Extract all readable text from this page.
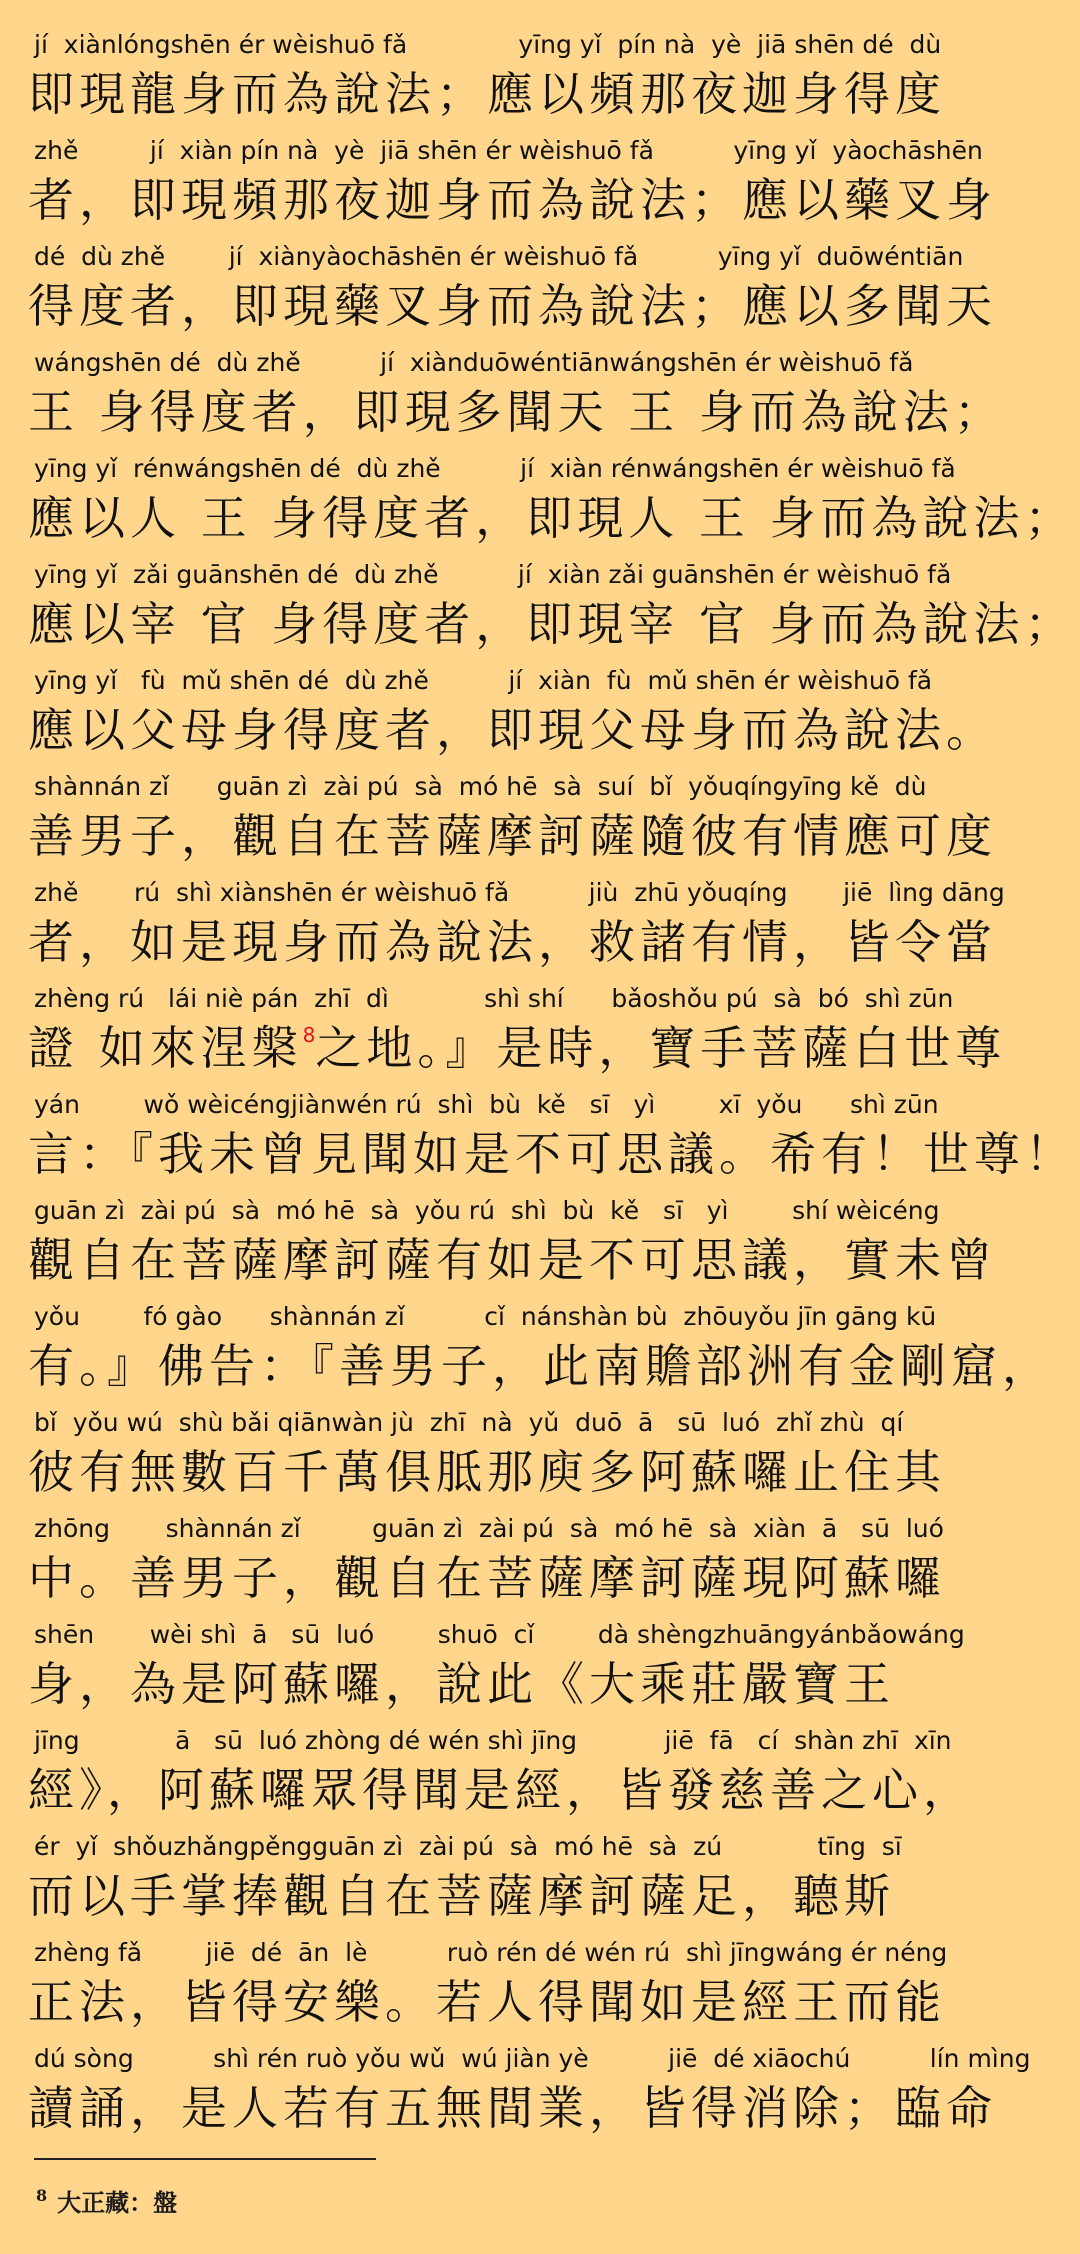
jí  xiànlóngshēn ér wèishuō fǎ              yīng yǐ  pín nà  yè  jiā shēn dé  dù
即現龍身而為說法；應以頻那夜迦身得度
zhě         jí  xiàn pín nà  yè  jiā shēn ér wèishuō fǎ          yīng yǐ  yàochāshēn
者，即現頻那夜迦身而為說法；應以藥叉身
dé  dù zhě        jí  xiànyàochāshēn ér wèishuō fǎ          yīng yǐ  duōwéntiān
得度者，即現藥叉身而為說法；應以多聞天
wángshēn dé  dù zhě          jí  xiànduōwéntiānwángshēn ér wèishuō fǎ
王 身得度者，即現多聞天 王 身而為說法；
yīng yǐ  rénwángshēn dé  dù zhě          jí  xiàn rénwángshēn ér wèishuō fǎ
應以人 王 身得度者，即現人 王 身而為說法；
yīng yǐ  zǎi guānshēn dé  dù zhě          jí  xiàn zǎi guānshēn ér wèishuō fǎ
應以宰 官 身得度者，即現宰 官 身而為說法；
yīng yǐ   fù  mǔ shēn dé  dù zhě          jí  xiàn  fù  mǔ shēn ér wèishuō fǎ
應以父母身得度者，即現父母身而為說法。
shànnán zǐ      guān zì  zài pú  sà  mó hē  sà  suí  bǐ  yǒuqíngyīng kě  dù
善男子，觀自在菩薩摩訶薩隨彼有情應可度
zhě       rú  shì xiànshēn ér wèishuō fǎ          jiù  zhū yǒuqíng       jiē  lìng dāng
者，如是現身而為說法，救諸有情，皆令當
zhèng rú   lái niè pán  zhī  dì            shì shí      bǎoshǒu pú  sà  bó  shì zūn
證 如來涅槃$^8$之地。』是時，寶手菩薩白世尊
yán        wǒ wèicéngjiànwén rú  shì  bù  kě   sī   yì        xī  yǒu      shì zūn
言：『我未曾見聞如是不可思議。希有！世尊！
guān zì  zài pú  sà  mó hē  sà  yǒu rú  shì  bù  kě   sī   yì        shí wèicéng
觀自在菩薩摩訶薩有如是不可思議，實未曾
yǒu        fó gào      shànnán zǐ          cǐ  nánshàn bù  zhōuyǒu jīn gāng kū
有。』佛告：『善男子，此南贍部洲有金剛窟，
bǐ  yǒu wú  shù bǎi qiānwàn jù  zhī  nà  yǔ  duō  ā   sū  luó  zhǐ zhù  qí
彼有無數百千萬俱胝那庾多阿蘇囉止住其
zhōng       shànnán zǐ         guān zì  zài pú  sà  mó hē  sà  xiàn  ā   sū  luó
中。善男子，觀自在菩薩摩訶薩現阿蘇囉
shēn       wèi shì  ā   sū  luó        shuō  cǐ        dà shèngzhuāngyánbǎowáng
身，為是阿蘇囉，說此《大乘莊嚴寶王
jīng            ā   sū  luó zhòng dé wén shì jīng           jiē  fā   cí  shàn zhī  xīn
經》，阿蘇囉眾得聞是經，皆發慈善之心，
ér  yǐ  shǒuzhǎngpěngguān zì  zài pú  sà  mó hē  sà  zú            tīng  sī
而以手掌捧觀自在菩薩摩訶薩足，聽斯
zhèng fǎ        jiē  dé  ān  lè          ruò rén dé wén rú  shì jīngwáng ér néng
正法，皆得安樂。若人得聞如是經王而能
dú sòng          shì rén ruò yǒu wǔ  wú jiàn yè          jiē  dé xiāochú          lín mìng
讀誦，是人若有五無間業，皆得消除；臨命
$^8$ 大正藏：盤
